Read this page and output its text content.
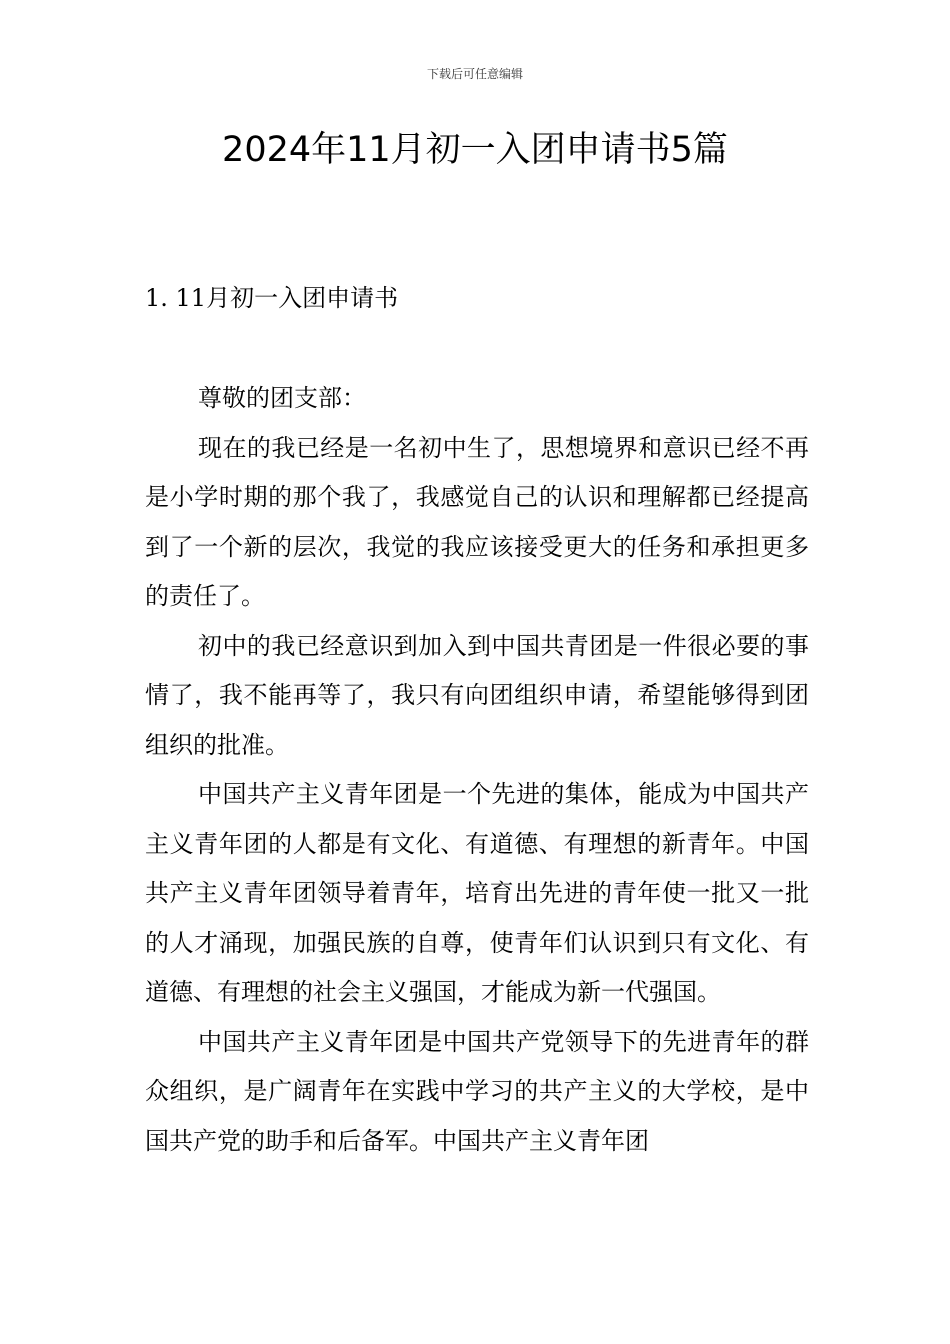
下载后可任意编辑
2024年11月初一入团申请书5篇
1. 11月初一入团申请书

尊敬的团支部：

现在的我已经是一名初中生了，思想境界和意识已经不再是小学时期的那个我了，我感觉自己的认识和理解都已经提高到了一个新的层次，我觉的我应该接受更大的任务和承担更多的责任了。

初中的我已经意识到加入到中国共青团是一件很必要的事情了，我不能再等了，我只有向团组织申请，希望能够得到团组织的批准。

中国共产主义青年团是一个先进的集体，能成为中国共产主义青年团的人都是有文化、有道德、有理想的新青年。中国共产主义青年团领导着青年，培育出先进的青年使一批又一批的人才涌现，加强民族的自尊，使青年们认识到只有文化、有道德、有理想的社会主义强国，才能成为新一代强国。

中国共产主义青年团是中国共产党领导下的先进青年的群众组织，是广阔青年在实践中学习的共产主义的大学校，是中国共产党的助手和后备军。中国共产主义青年团
